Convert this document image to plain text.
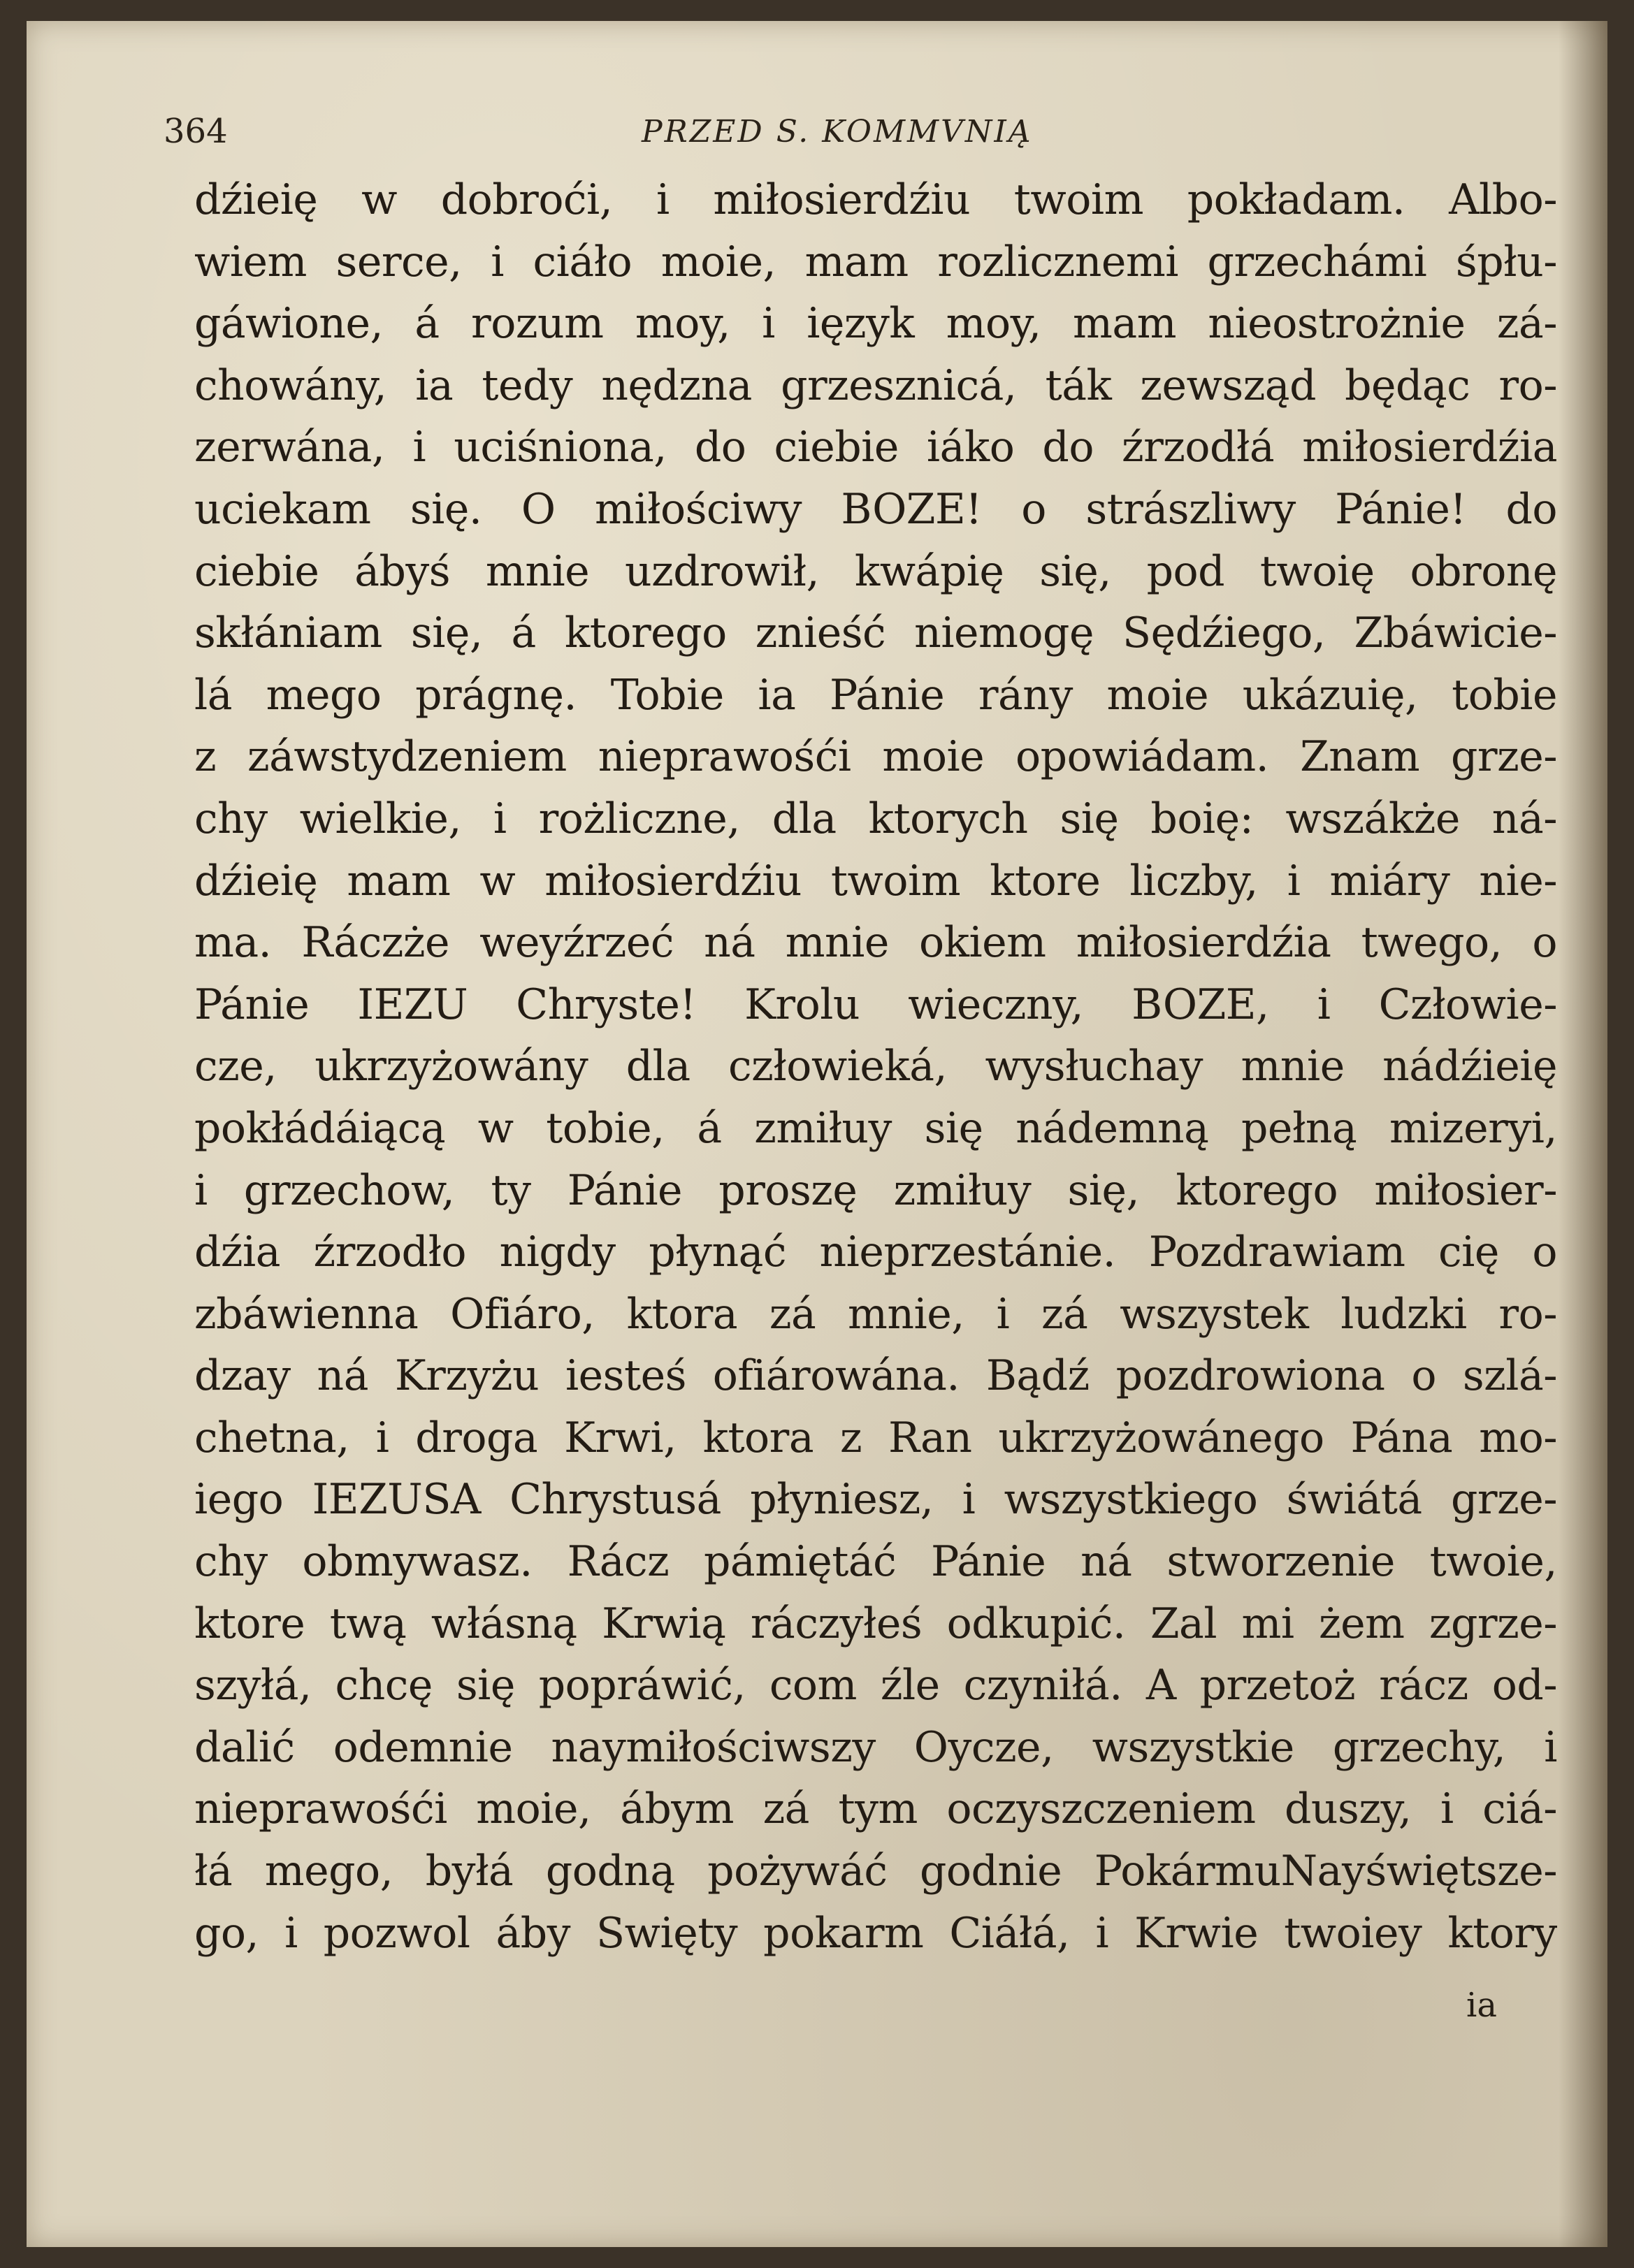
364	PRZED S. KOMMVNIĄ
dźieię w dobroći, i miłosierdźiu twoim pokładam. Albo-
wiem serce, i ciáło moie, mam rozlicznemi grzechámi śpłu-
gáwione, á rozum moy, i ięzyk moy, mam nieostrożnie zá-
chowány, ia tedy nędzna grzesznicá, ták zewsząd będąc ro-
zerwána, i uciśniona, do ciebie iáko do źrzodłá miłosierdźia
uciekam się. O miłościwy BOZE! o strászliwy Pánie! do
ciebie ábyś mnie uzdrowił, kwápię się, pod twoię obronę
skłániam się, á ktorego znieść niemogę Sędźiego, Zbáwicie-
lá mego prágnę. Tobie ia Pánie rány moie ukázuię, tobie
z záwstydzeniem nieprawośći moie opowiádam. Znam grze-
chy wielkie, i rożliczne, dla ktorych się boię: wszákże ná-
dźieię mam w miłosierdźiu twoim ktore liczby, i miáry nie-
ma. Ráczże weyźrzeć ná mnie okiem miłosierdźia twego, o
Pánie IEZU Chryste! Krolu wieczny, BOZE, i Człowie-
cze, ukrzyżowány dla człowieká, wysłuchay mnie nádźieię
pokłádáiącą w tobie, á zmiłuy się nádemną pełną mizeryi,
i grzechow, ty Pánie proszę zmiłuy się, ktorego miłosier-
dźia źrzodło nigdy płynąć nieprzestánie. Pozdrawiam cię o
zbáwienna Ofiáro, ktora zá mnie, i zá wszystek ludzki ro-
dzay ná Krzyżu iesteś ofiárowána. Bądź pozdrowiona o szlá-
chetna, i droga Krwi, ktora z Ran ukrzyżowánego Pánа mo-
iego IEZUSA Chrystusá płyniesz, i wszystkiego świátá grze-
chy obmywasz. Rácz pámiętáć Pánie ná stworzenie twoie,
ktore twą włásną Krwią ráczyłeś odkupić. Zal mi żem zgrze-
szyłá, chcę się popráwić, com źle czyniłá. A przetoż rácz od-
dalić odemnie naymiłościwszy Oycze, wszystkie grzechy, i
nieprawośći moie, ábym zá tym oczyszczeniem duszy, i ciá-
łá mego, byłá godną pożywáć godnie PokármuNayświętsze-
go, i pozwol áby Swięty pokarm Ciáłá, i Krwie twoiey ktory
ia
